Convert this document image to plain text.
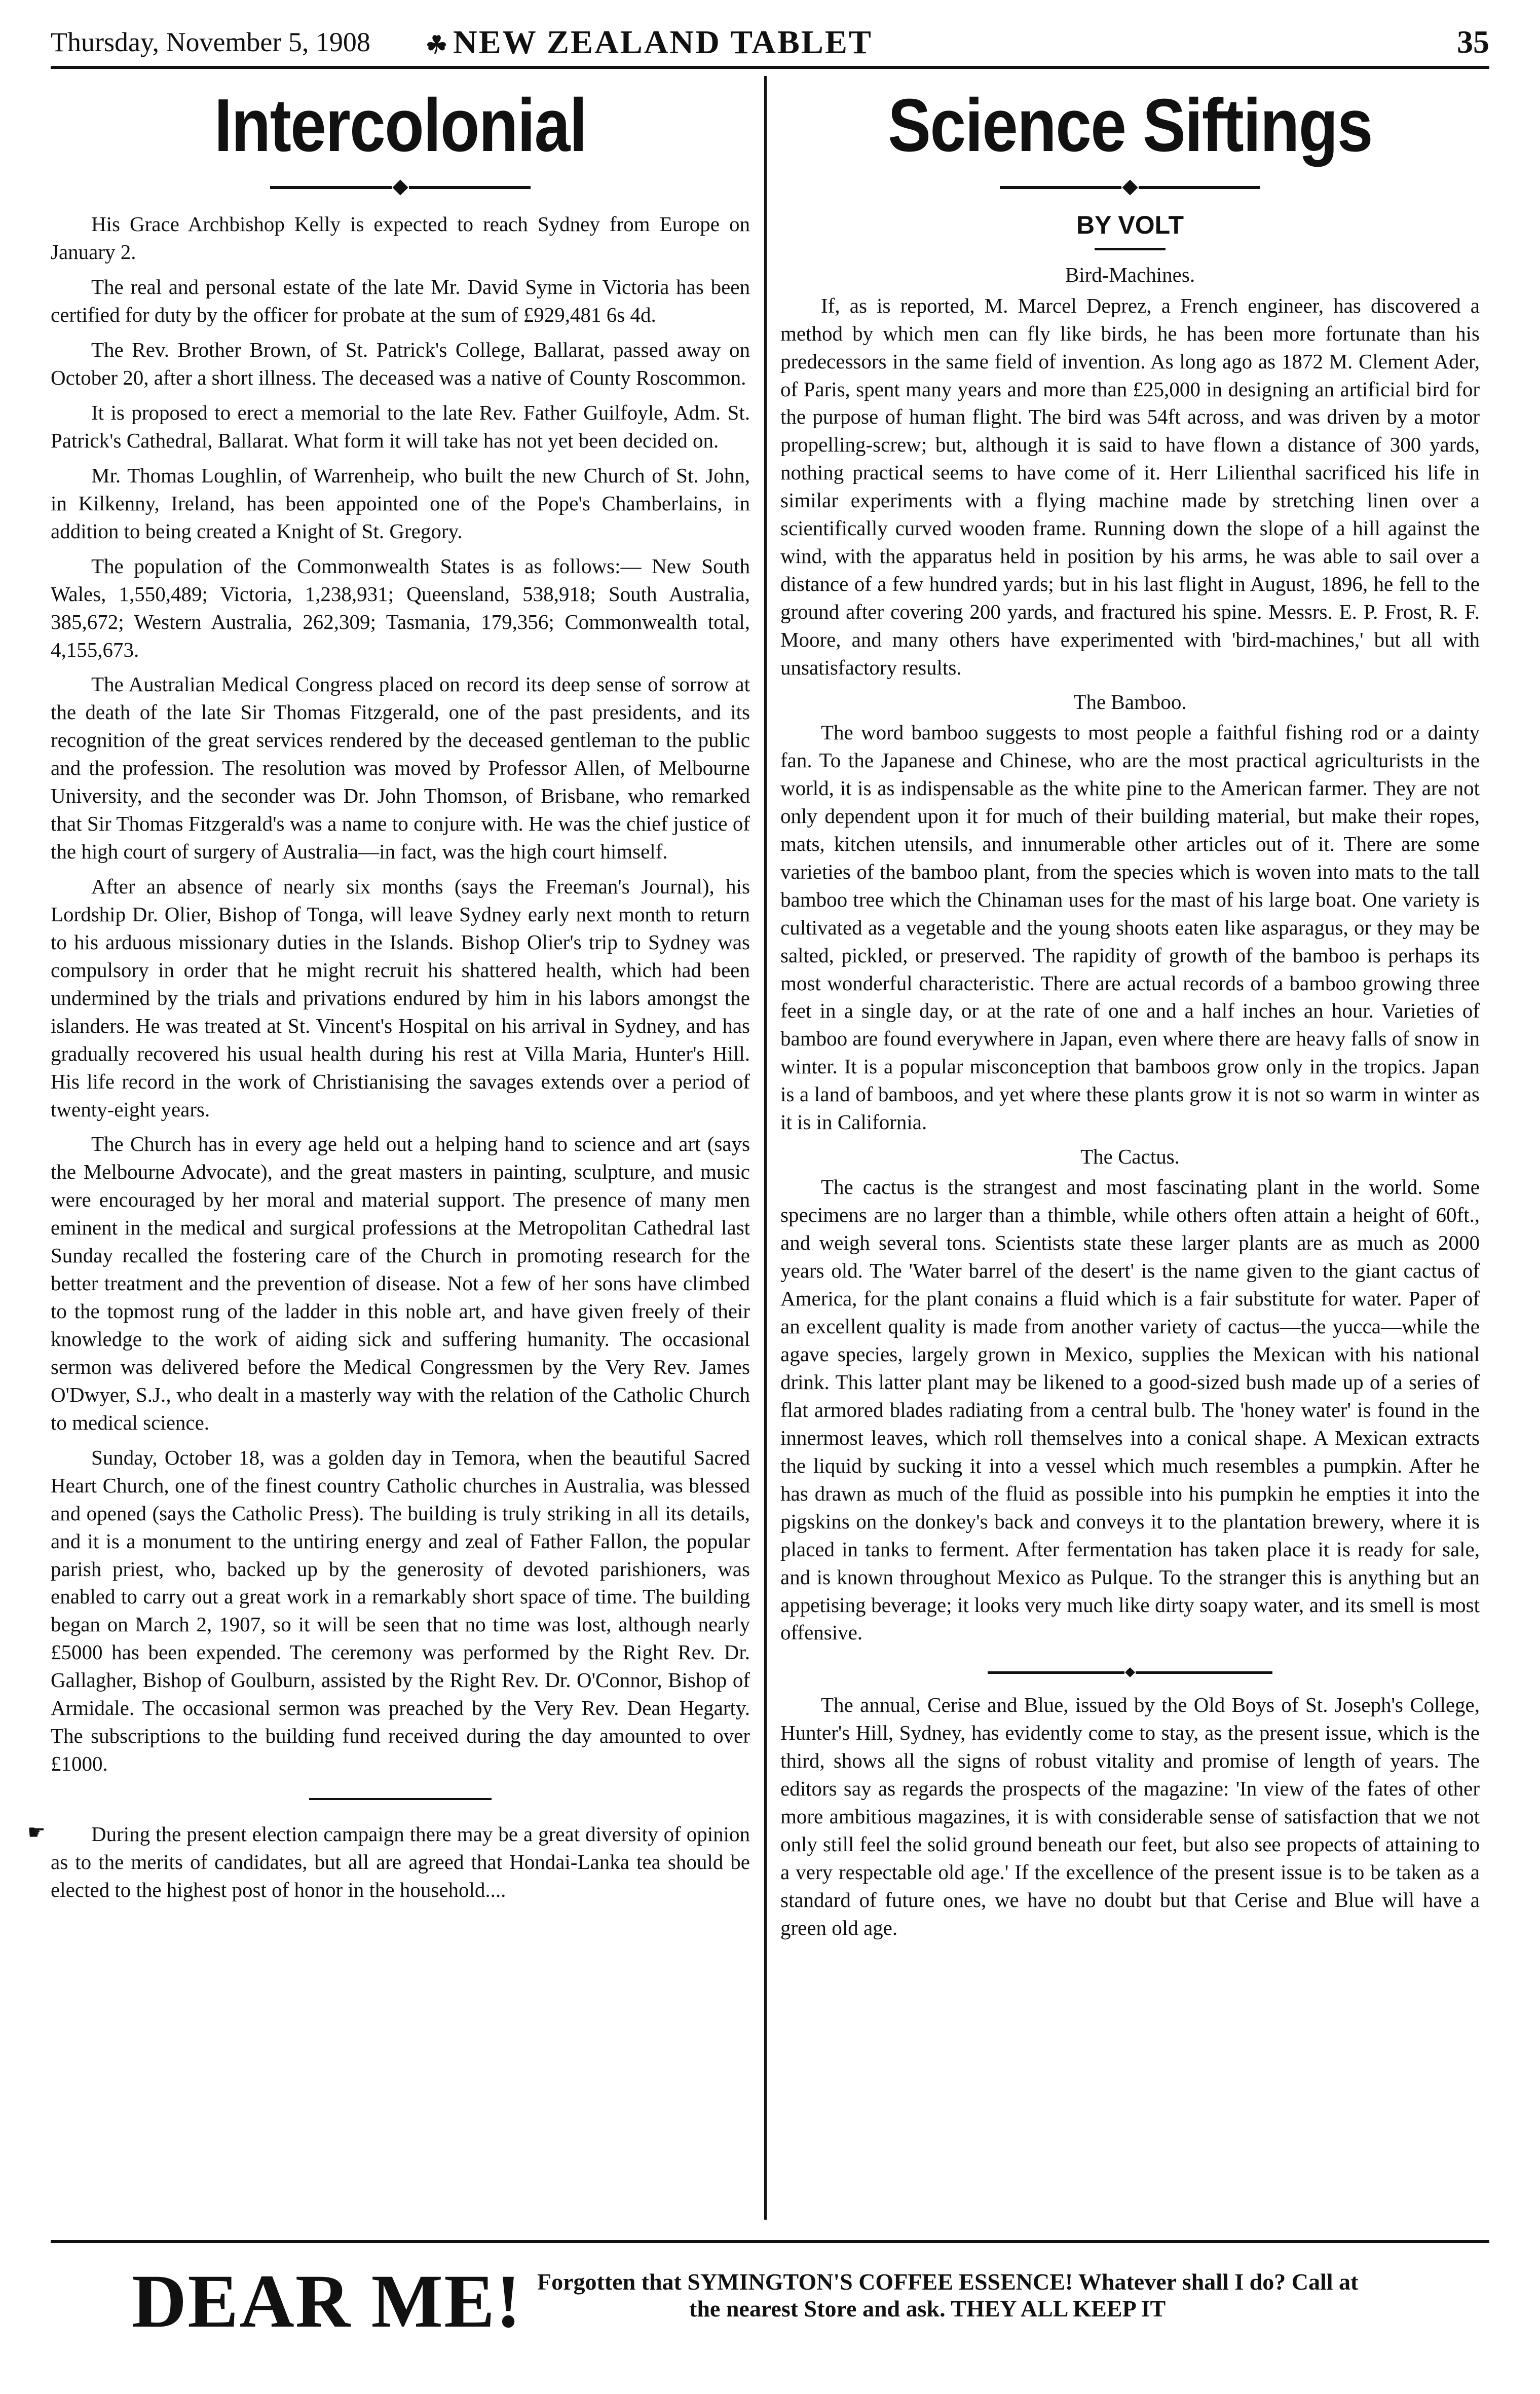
Thursday, November 5, 1908 ☘ NEW ZEALAND TABLET	35
Intercolonial

His Grace Archbishop Kelly is expected to reach Sydney from Europe on January 2.

The real and personal estate of the late Mr. David Syme in Victoria has been certified for duty by the officer for probate at the sum of £929,481 6s 4d.

The Rev. Brother Brown, of St. Patrick's College, Ballarat, passed away on October 20, after a short illness. The deceased was a native of County Roscommon.

It is proposed to erect a memorial to the late Rev. Father Guilfoyle, Adm. St. Patrick's Cathedral, Ballarat. What form it will take has not yet been decided on.

Mr. Thomas Loughlin, of Warrenheip, who built the new Church of St. John, in Kilkenny, Ireland, has been appointed one of the Pope's Chamberlains, in addition to being created a Knight of St. Gregory.

The population of the Commonwealth States is as follows:— New South Wales, 1,550,489; Victoria, 1,238,931; Queensland, 538,918; South Australia, 385,672; Western Australia, 262,309; Tasmania, 179,356; Commonwealth total, 4,155,673.

The Australian Medical Congress placed on record its deep sense of sorrow at the death of the late Sir Thomas Fitzgerald, one of the past presidents, and its recognition of the great services rendered by the deceased gentleman to the public and the profession. The resolution was moved by Professor Allen, of Melbourne University, and the seconder was Dr. John Thomson, of Brisbane, who remarked that Sir Thomas Fitzgerald's was a name to conjure with. He was the chief justice of the high court of surgery of Australia—in fact, was the high court himself.

After an absence of nearly six months (says the Freeman's Journal), his Lordship Dr. Olier, Bishop of Tonga, will leave Sydney early next month to return to his arduous missionary duties in the Islands. Bishop Olier's trip to Sydney was compulsory in order that he might recruit his shattered health, which had been undermined by the trials and privations endured by him in his labors amongst the islanders. He was treated at St. Vincent's Hospital on his arrival in Sydney, and has gradually recovered his usual health during his rest at Villa Maria, Hunter's Hill. His life record in the work of Christianising the savages extends over a period of twenty-eight years.

The Church has in every age held out a helping hand to science and art (says the Melbourne Advocate), and the great masters in painting, sculpture, and music were encouraged by her moral and material support. The presence of many men eminent in the medical and surgical professions at the Metropolitan Cathedral last Sunday recalled the fostering care of the Church in promoting research for the better treatment and the prevention of disease. Not a few of her sons have climbed to the topmost rung of the ladder in this noble art, and have given freely of their knowledge to the work of aiding sick and suffering humanity. The occasional sermon was delivered before the Medical Congressmen by the Very Rev. James O'Dwyer, S.J., who dealt in a masterly way with the relation of the Catholic Church to medical science.

Sunday, October 18, was a golden day in Temora, when the beautiful Sacred Heart Church, one of the finest country Catholic churches in Australia, was blessed and opened (says the Catholic Press). The building is truly striking in all its details, and it is a monument to the untiring energy and zeal of Father Fallon, the popular parish priest, who, backed up by the generosity of devoted parishioners, was enabled to carry out a great work in a remarkably short space of time. The building began on March 2, 1907, so it will be seen that no time was lost, although nearly £5000 has been expended. The ceremony was performed by the Right Rev. Dr. Gallagher, Bishop of Goulburn, assisted by the Right Rev. Dr. O'Connor, Bishop of Armidale. The occasional sermon was preached by the Very Rev. Dean Hegarty. The subscriptions to the building fund received during the day amounted to over £1000.

☛	During the present election campaign there may be a great diversity of opinion as to the merits of candidates, but all are agreed that Hondai-Lanka tea should be elected to the highest post of honor in the household....

Science Siftings
BY VOLT

Bird-Machines.

If, as is reported, M. Marcel Deprez, a French engineer, has discovered a method by which men can fly like birds, he has been more fortunate than his predecessors in the same field of invention. As long ago as 1872 M. Clement Ader, of Paris, spent many years and more than £25,000 in designing an artificial bird for the purpose of human flight. The bird was 54ft across, and was driven by a motor propelling-screw; but, although it is said to have flown a distance of 300 yards, nothing practical seems to have come of it. Herr Lilienthal sacrificed his life in similar experiments with a flying machine made by stretching linen over a scientifically curved wooden frame. Running down the slope of a hill against the wind, with the apparatus held in position by his arms, he was able to sail over a distance of a few hundred yards; but in his last flight in August, 1896, he fell to the ground after covering 200 yards, and fractured his spine. Messrs. E. P. Frost, R. F. Moore, and many others have experimented with 'bird-machines,' but all with unsatisfactory results.

The Bamboo.

The word bamboo suggests to most people a faithful fishing rod or a dainty fan. To the Japanese and Chinese, who are the most practical agriculturists in the world, it is as indispensable as the white pine to the American farmer. They are not only dependent upon it for much of their building material, but make their ropes, mats, kitchen utensils, and innumerable other articles out of it. There are some varieties of the bamboo plant, from the species which is woven into mats to the tall bamboo tree which the Chinaman uses for the mast of his large boat. One variety is cultivated as a vegetable and the young shoots eaten like asparagus, or they may be salted, pickled, or preserved. The rapidity of growth of the bamboo is perhaps its most wonderful characteristic. There are actual records of a bamboo growing three feet in a single day, or at the rate of one and a half inches an hour. Varieties of bamboo are found everywhere in Japan, even where there are heavy falls of snow in winter. It is a popular misconception that bamboos grow only in the tropics. Japan is a land of bamboos, and yet where these plants grow it is not so warm in winter as it is in California.

The Cactus.

The cactus is the strangest and most fascinating plant in the world. Some specimens are no larger than a thimble, while others often attain a height of 60ft., and weigh several tons. Scientists state these larger plants are as much as 2000 years old. The 'Water barrel of the desert' is the name given to the giant cactus of America, for the plant conains a fluid which is a fair substitute for water. Paper of an excellent quality is made from another variety of cactus—the yucca—while the agave species, largely grown in Mexico, supplies the Mexican with his national drink. This latter plant may be likened to a good-sized bush made up of a series of flat armored blades radiating from a central bulb. The 'honey water' is found in the innermost leaves, which roll themselves into a conical shape. A Mexican extracts the liquid by sucking it into a vessel which much resembles a pumpkin. After he has drawn as much of the fluid as possible into his pumpkin he empties it into the pigskins on the donkey's back and conveys it to the plantation brewery, where it is placed in tanks to ferment. After fermentation has taken place it is ready for sale, and is known throughout Mexico as Pulque. To the stranger this is anything but an appetising beverage; it looks very much like dirty soapy water, and its smell is most offensive.

The annual, Cerise and Blue, issued by the Old Boys of St. Joseph's College, Hunter's Hill, Sydney, has evidently come to stay, as the present issue, which is the third, shows all the signs of robust vitality and promise of length of years. The editors say as regards the prospects of the magazine: 'In view of the fates of other more ambitious magazines, it is with considerable sense of satisfaction that we not only still feel the solid ground beneath our feet, but also see propects of attaining to a very respectable old age.' If the excellence of the present issue is to be taken as a standard of future ones, we have no doubt but that Cerise and Blue will have a green old age.

DEAR ME! Forgotten that SYMINGTON'S COFFEE ESSENCE! Whatever shall I do? Call at
the nearest Store and ask. THEY ALL KEEP IT
